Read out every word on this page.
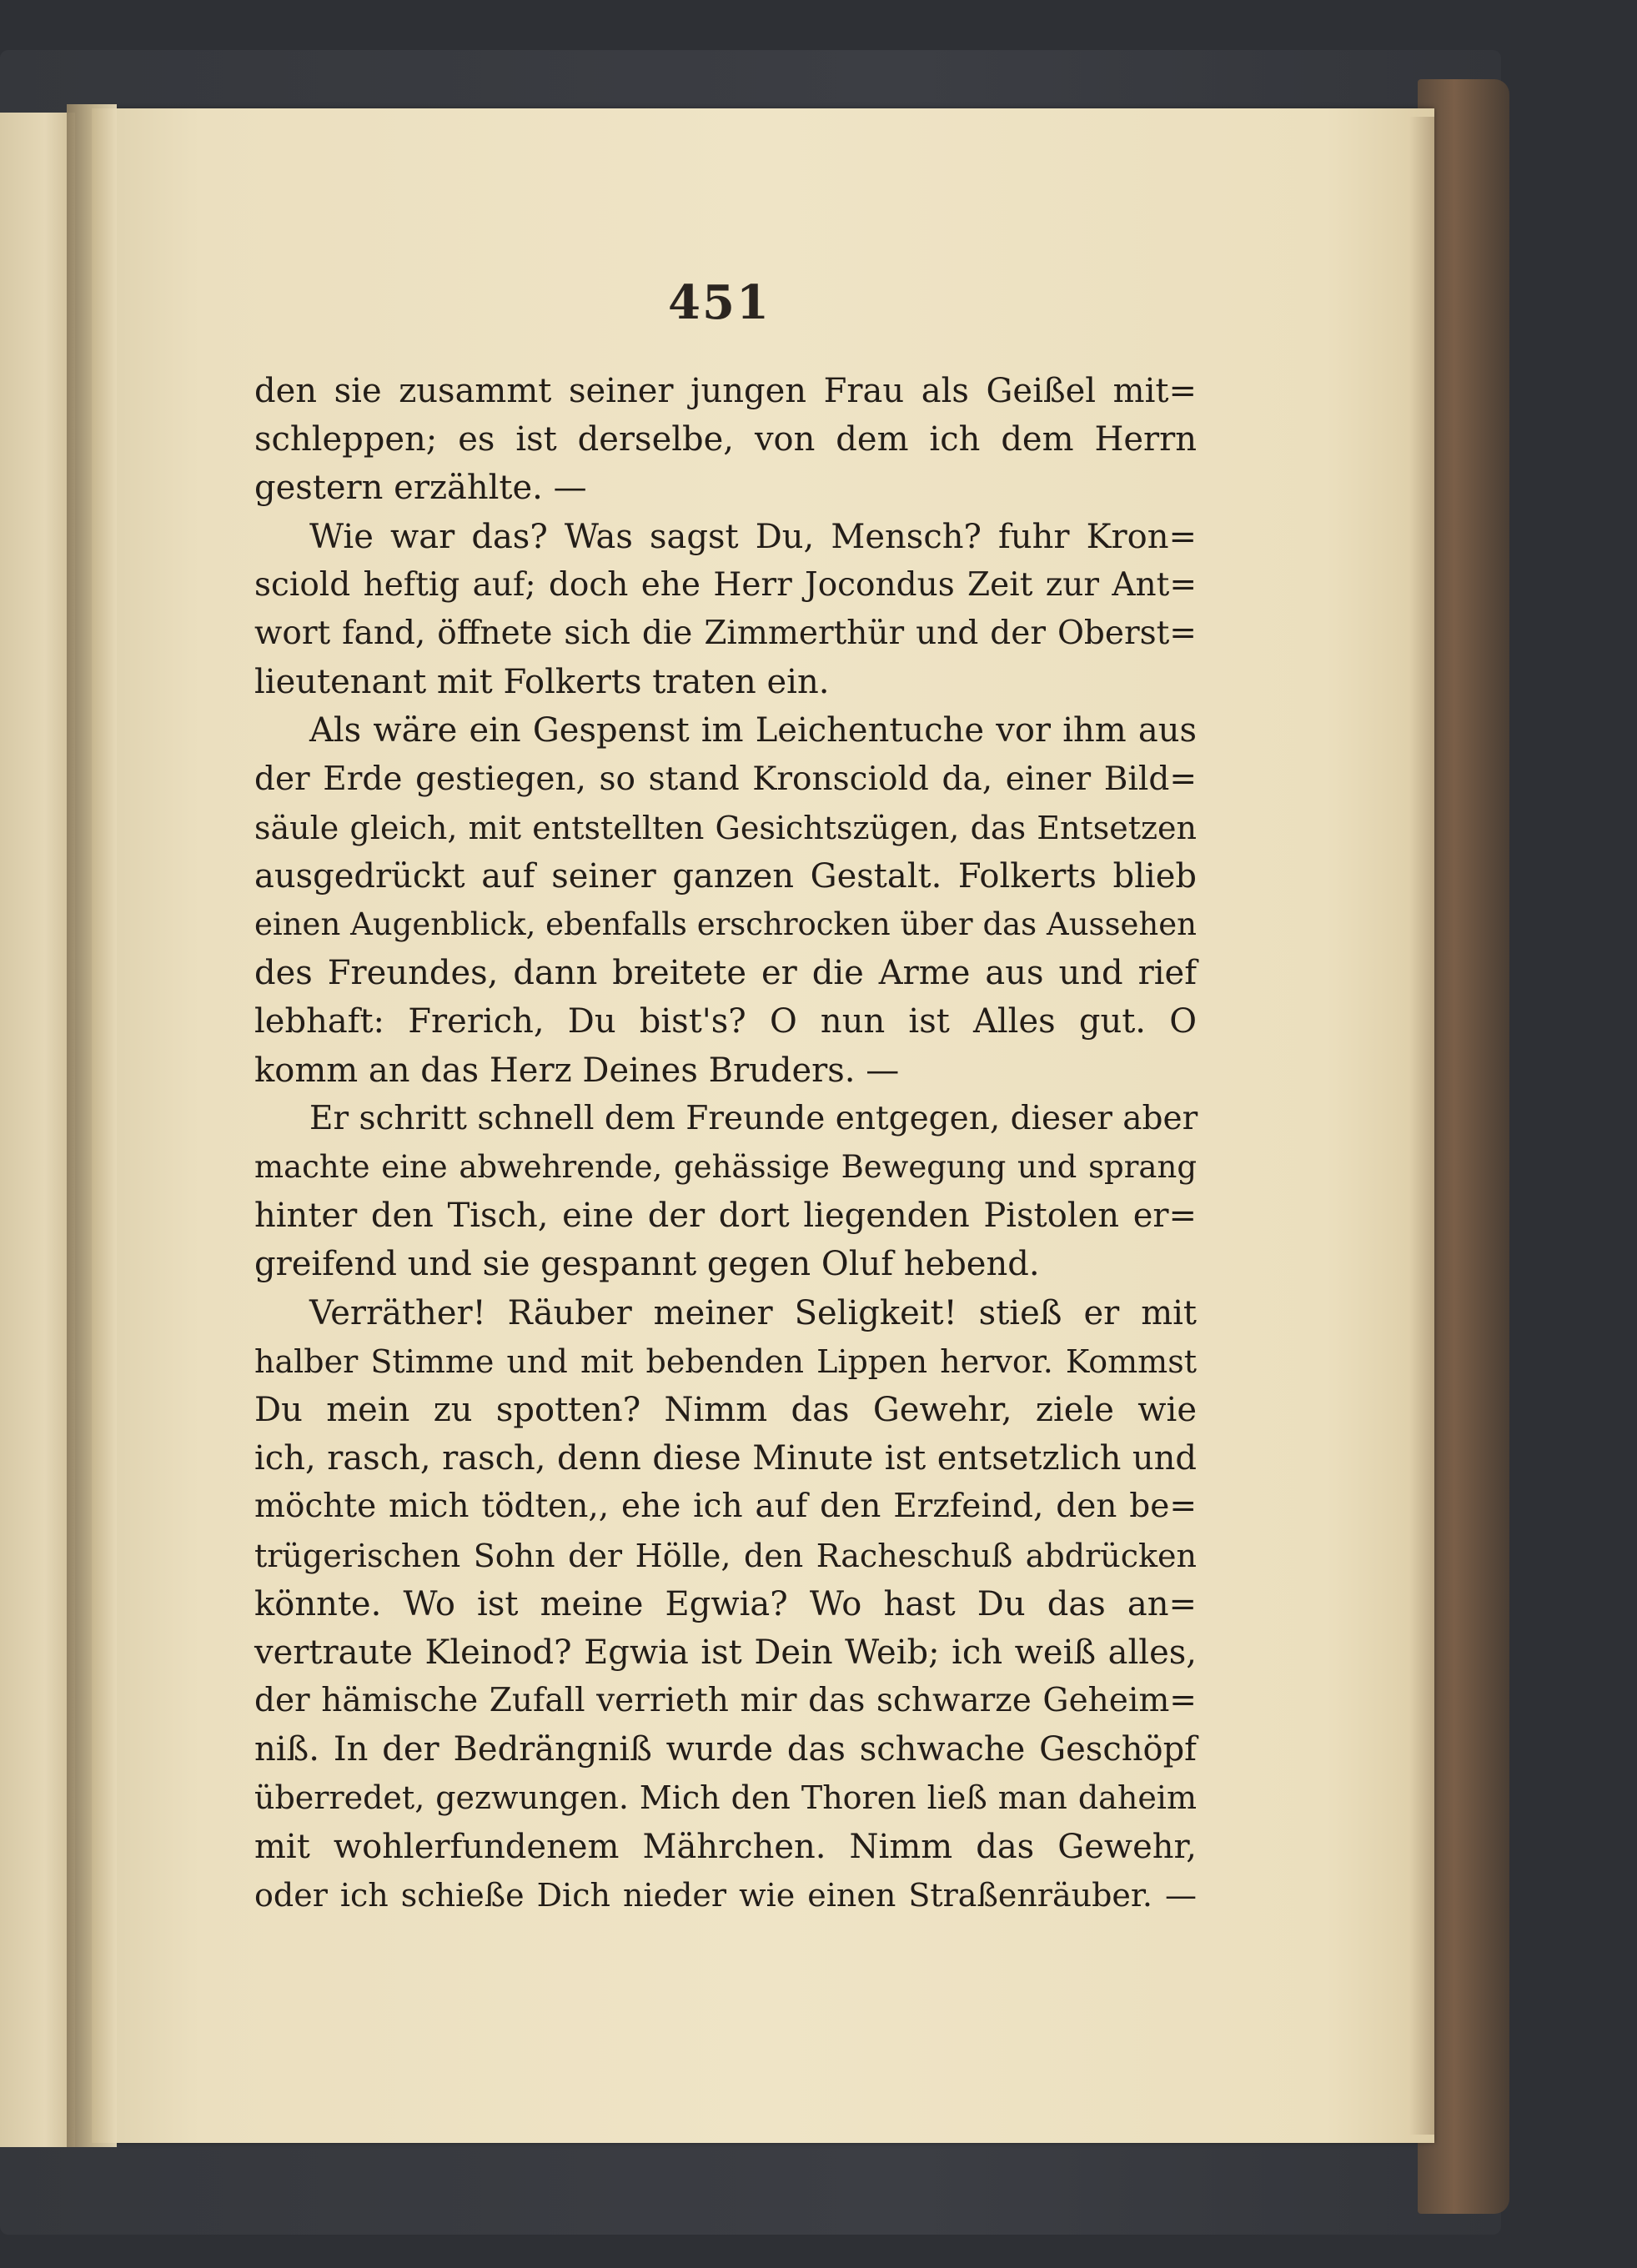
451
den sie zusammt seiner jungen Frau als Geißel mit=
schleppen; es ist derselbe, von dem ich dem Herrn
gestern erzählte. —
Wie war das? Was sagst Du, Mensch? fuhr Kron=
sciold heftig auf; doch ehe Herr Jocondus Zeit zur Ant=
wort fand, öffnete sich die Zimmerthür und der Oberst=
lieutenant mit Folkerts traten ein.
Als wäre ein Gespenst im Leichentuche vor ihm aus
der Erde gestiegen, so stand Kronsciold da, einer Bild=
säule gleich, mit entstellten Gesichtszügen, das Entsetzen
ausgedrückt auf seiner ganzen Gestalt. Folkerts blieb
einen Augenblick, ebenfalls erschrocken über das Aussehen
des Freundes, dann breitete er die Arme aus und rief
lebhaft: Frerich, Du bist's? O nun ist Alles gut. O
komm an das Herz Deines Bruders. —
Er schritt schnell dem Freunde entgegen, dieser aber
machte eine abwehrende, gehässige Bewegung und sprang
hinter den Tisch, eine der dort liegenden Pistolen er=
greifend und sie gespannt gegen Oluf hebend.
Verräther! Räuber meiner Seligkeit! stieß er mit
halber Stimme und mit bebenden Lippen hervor. Kommst
Du mein zu spotten? Nimm das Gewehr, ziele wie
ich, rasch, rasch, denn diese Minute ist entsetzlich und
möchte mich tödten,, ehe ich auf den Erzfeind, den be=
trügerischen Sohn der Hölle, den Racheschuß abdrücken
könnte. Wo ist meine Egwia? Wo hast Du das an=
vertraute Kleinod? Egwia ist Dein Weib; ich weiß alles,
der hämische Zufall verrieth mir das schwarze Geheim=
niß. In der Bedrängniß wurde das schwache Geschöpf
überredet, gezwungen. Mich den Thoren ließ man daheim
mit wohlerfundenem Mährchen. Nimm das Gewehr,
oder ich schieße Dich nieder wie einen Straßenräuber. —
